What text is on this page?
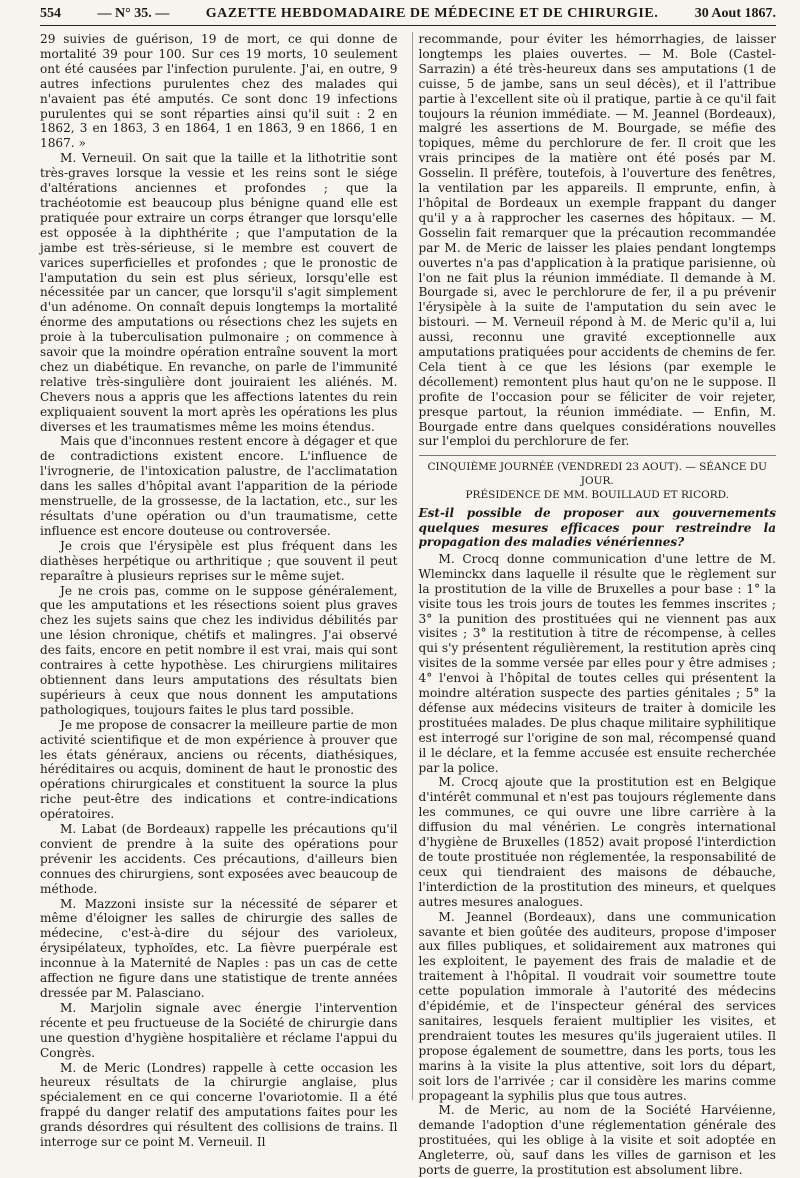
554	— N° 35. —	GAZETTE HEBDOMADAIRE DE MÉDECINE ET DE CHIRURGIE.	30 Aout 1867.

29 suivies de guérison, 19 de mort, ce qui donne de mortalité 39 pour 100. Sur ces 19 morts, 10 seulement ont été causées par l'infection purulente. J'ai, en outre, 9 autres infections purulentes chez des malades qui n'avaient pas été amputés. Ce sont donc 19 infections purulentes qui se sont réparties ainsi qu'il suit : 2 en 1862, 3 en 1863, 3 en 1864, 1 en 1863, 9 en 1866, 1 en 1867. »

M. Verneuil. On sait que la taille et la lithotritie sont très-graves lorsque la vessie et les reins sont le siége d'altérations anciennes et profondes ; que la trachéotomie est beaucoup plus bénigne quand elle est pratiquée pour extraire un corps étranger que lorsqu'elle est opposée à la diphthérite ; que l'amputation de la jambe est très-sérieuse, si le membre est couvert de varices superficielles et profondes ; que le pronostic de l'amputation du sein est plus sérieux, lorsqu'elle est nécessitée par un cancer, que lorsqu'il s'agit simplement d'un adénome. On connaît depuis longtemps la mortalité énorme des amputations ou résections chez les sujets en proie à la tuberculisation pulmonaire ; on commence à savoir que la moindre opération entraîne souvent la mort chez un diabétique. En revanche, on parle de l'immunité relative très-singulière dont jouiraient les aliénés. M. Chevers nous a appris que les affections latentes du rein expliquaient souvent la mort après les opérations les plus diverses et les traumatismes même les moins étendus.

Mais que d'inconnues restent encore à dégager et que de contradictions existent encore. L'influence de l'ivrognerie, de l'intoxication palustre, de l'acclimatation dans les salles d'hôpital avant l'apparition de la période menstruelle, de la grossesse, de la lactation, etc., sur les résultats d'une opération ou d'un traumatisme, cette influence est encore douteuse ou controversée.

Je crois que l'érysipèle est plus fréquent dans les diathèses herpétique ou arthritique ; que souvent il peut reparaître à plusieurs reprises sur le même sujet.

Je ne crois pas, comme on le suppose généralement, que les amputations et les résections soient plus graves chez les sujets sains que chez les individus débilités par une lésion chronique, chétifs et malingres. J'ai observé des faits, encore en petit nombre il est vrai, mais qui sont contraires à cette hypothèse. Les chirurgiens militaires obtiennent dans leurs amputations des résultats bien supérieurs à ceux que nous donnent les amputations pathologiques, toujours faites le plus tard possible.

Je me propose de consacrer la meilleure partie de mon activité scientifique et de mon expérience à prouver que les états généraux, anciens ou récents, diathésiques, héréditaires ou acquis, dominent de haut le pronostic des opérations chirurgicales et constituent la source la plus riche peut-être des indications et contre-indications opératoires.

M. Labat (de Bordeaux) rappelle les précautions qu'il convient de prendre à la suite des opérations pour prévenir les accidents. Ces précautions, d'ailleurs bien connues des chirurgiens, sont exposées avec beaucoup de méthode.

M. Mazzoni insiste sur la nécessité de séparer et même d'éloigner les salles de chirurgie des salles de médecine, c'est-à-dire du séjour des varioleux, érysipélateux, typhoïdes, etc. La fièvre puerpérale est inconnue à la Maternité de Naples : pas un cas de cette affection ne figure dans une statistique de trente années dressée par M. Palasciano.

M. Marjolin signale avec énergie l'intervention récente et peu fructueuse de la Société de chirurgie dans une question d'hygiène hospitalière et réclame l'appui du Congrès.

M. de Meric (Londres) rappelle à cette occasion les heureux résultats de la chirurgie anglaise, plus spécialement en ce qui concerne l'ovariotomie. Il a été frappé du danger relatif des amputations faites pour les grands désordres qui résultent des collisions de trains. Il interroge sur ce point M. Verneuil. Il

recommande, pour éviter les hémorrhagies, de laisser longtemps les plaies ouvertes. — M. Bole (Castel-Sarrazin) a été très-heureux dans ses amputations (1 de cuisse, 5 de jambe, sans un seul décès), et il l'attribue partie à l'excellent site où il pratique, partie à ce qu'il fait toujours la réunion immédiate. — M. Jeannel (Bordeaux), malgré les assertions de M. Bourgade, se méfie des topiques, même du perchlorure de fer. Il croit que les vrais principes de la matière ont été posés par M. Gosselin. Il préfère, toutefois, à l'ouverture des fenêtres, la ventilation par les appareils. Il emprunte, enfin, à l'hôpital de Bordeaux un exemple frappant du danger qu'il y a à rapprocher les casernes des hôpitaux. — M. Gosselin fait remarquer que la précaution recommandée par M. de Meric de laisser les plaies pendant longtemps ouvertes n'a pas d'application à la pratique parisienne, où l'on ne fait plus la réunion immédiate. Il demande à M. Bourgade si, avec le perchlorure de fer, il a pu prévenir l'érysipèle à la suite de l'amputation du sein avec le bistouri. — M. Verneuil répond à M. de Meric qu'il a, lui aussi, reconnu une gravité exceptionnelle aux amputations pratiquées pour accidents de chemins de fer. Cela tient à ce que les lésions (par exemple le décollement) remontent plus haut qu'on ne le suppose. Il profite de l'occasion pour se féliciter de voir rejeter, presque partout, la réunion immédiate. — Enfin, M. Bourgade entre dans quelques considérations nouvelles sur l'emploi du perchlorure de fer.

CINQUIÈME JOURNÉE (VENDREDI 23 AOUT). — SÉANCE DU JOUR.
PRÉSIDENCE DE MM. BOUILLAUD ET RICORD.
Est-il possible de proposer aux gouvernements quelques mesures efficaces pour restreindre la propagation des maladies vénériennes?

M. Crocq donne communication d'une lettre de M. Wleminckx dans laquelle il résulte que le règlement sur la prostitution de la ville de Bruxelles a pour base : 1° la visite tous les trois jours de toutes les femmes inscrites ; 3° la punition des prostituées qui ne viennent pas aux visites ; 3° la restitution à titre de récompense, à celles qui s'y présentent régulièrement, la restitution après cinq visites de la somme versée par elles pour y être admises ; 4° l'envoi à l'hôpital de toutes celles qui présentent la moindre altération suspecte des parties génitales ; 5° la défense aux médecins visiteurs de traiter à domicile les prostituées malades. De plus chaque militaire syphilitique est interrogé sur l'origine de son mal, récompensé quand il le déclare, et la femme accusée est ensuite recherchée par la police.

M. Crocq ajoute que la prostitution est en Belgique d'intérêt communal et n'est pas toujours réglemente dans les communes, ce qui ouvre une libre carrière à la diffusion du mal vénérien. Le congrès international d'hygiène de Bruxelles (1852) avait proposé l'interdiction de toute prostituée non réglementée, la responsabilité de ceux qui tiendraient des maisons de débauche, l'interdiction de la prostitution des mineurs, et quelques autres mesures analogues.

M. Jeannel (Bordeaux), dans une communication savante et bien goûtée des auditeurs, propose d'imposer aux filles publiques, et solidairement aux matrones qui les exploitent, le payement des frais de maladie et de traitement à l'hôpital. Il voudrait voir soumettre toute cette population immorale à l'autorité des médecins d'épidémie, et de l'inspecteur général des services sanitaires, lesquels feraient multiplier les visites, et prendraient toutes les mesures qu'ils jugeraient utiles. Il propose également de soumettre, dans les ports, tous les marins à la visite la plus attentive, soit lors du départ, soit lors de l'arrivée ; car il considère les marins comme propageant la syphilis plus que tous autres.

M. de Meric, au nom de la Société Harvéienne, demande l'adoption d'une réglementation générale des prostituées, qui les oblige à la visite et soit adoptée en Angleterre, où, sauf dans les villes de garnison et les ports de guerre, la prostitution est absolument libre.
